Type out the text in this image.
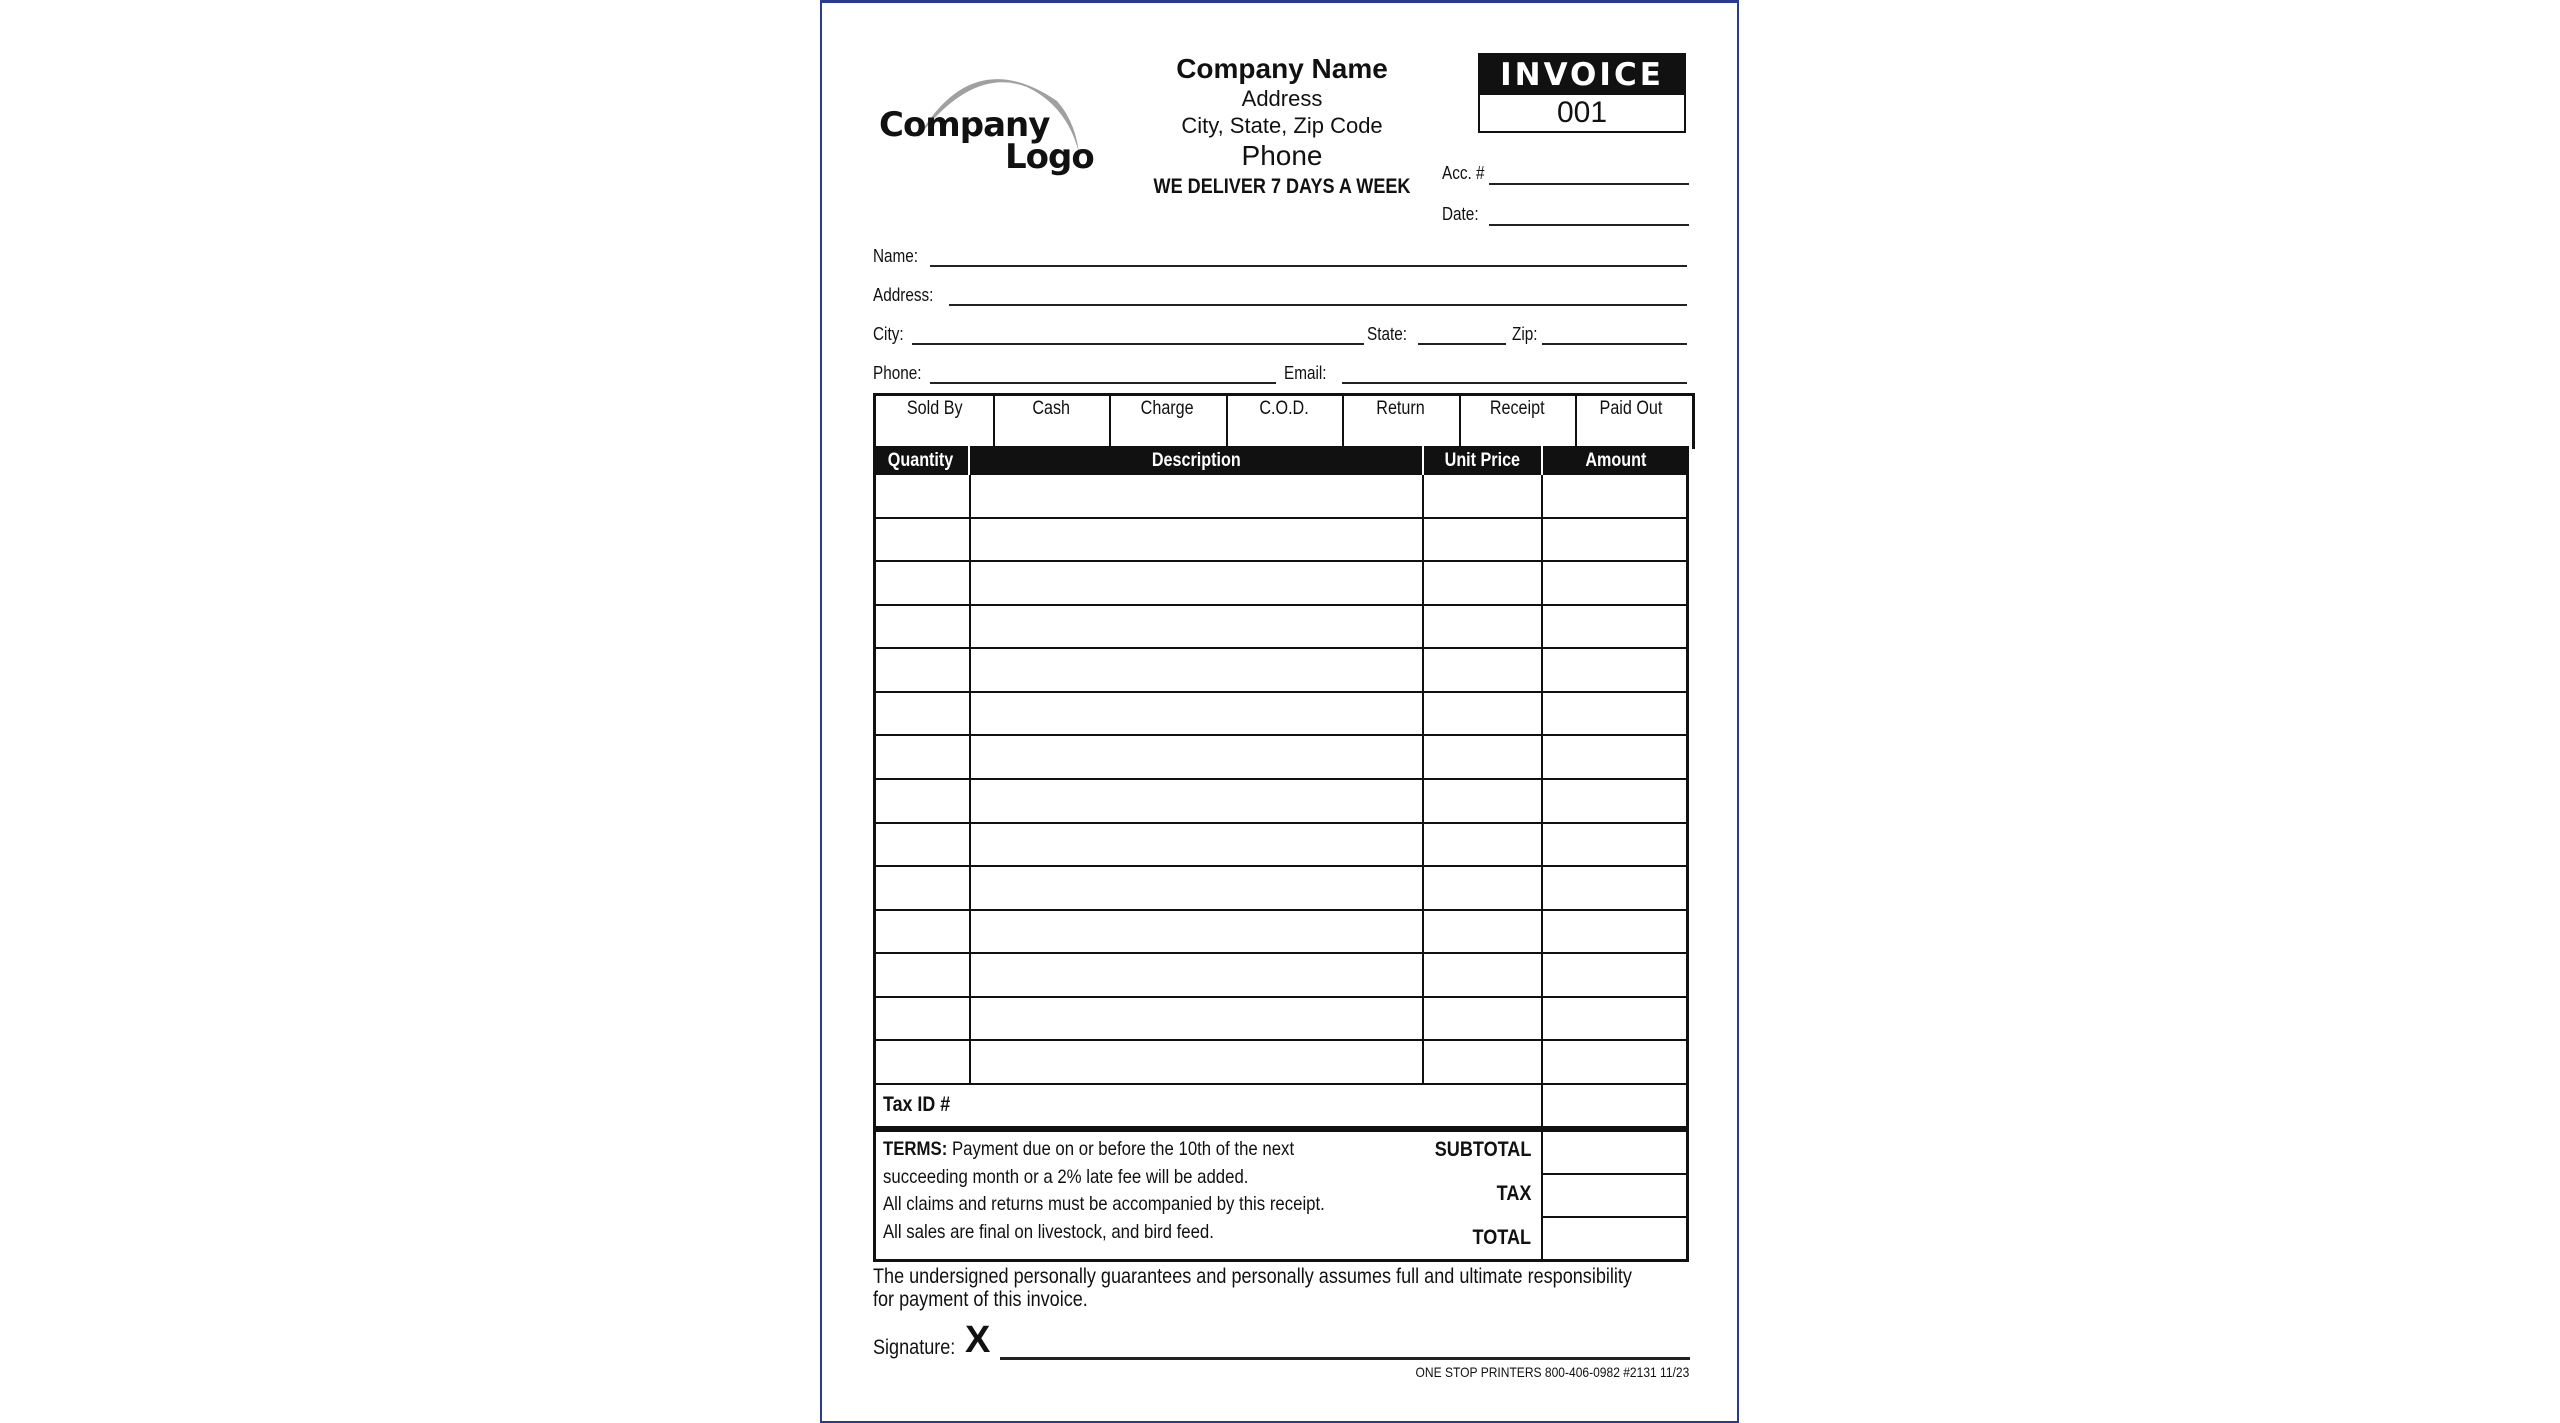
Company
Logo
Company Name
Address
City, State, Zip Code
Phone
WE DELIVER 7 DAYS A WEEK
INVOICE
001
Acc. #
Date:
Name:
Address:
City:	State:	Zip:
Phone:	Email:
Sold By	Cash	Charge	C.O.D.	Return	Receipt	Paid Out
Quantity	Description	Unit Price	Amount
Tax ID #
TERMS: Payment due on or before the 10th of the next
succeeding month or a 2% late fee will be added.
All claims and returns must be accompanied by this receipt.
All sales are final on livestock, and bird feed.
SUBTOTAL
TAX
TOTAL
The undersigned personally guarantees and personally assumes full and ultimate responsibility
for payment of this invoice.
Signature: X
ONE STOP PRINTERS 800-406-0982 #2131 11/23
